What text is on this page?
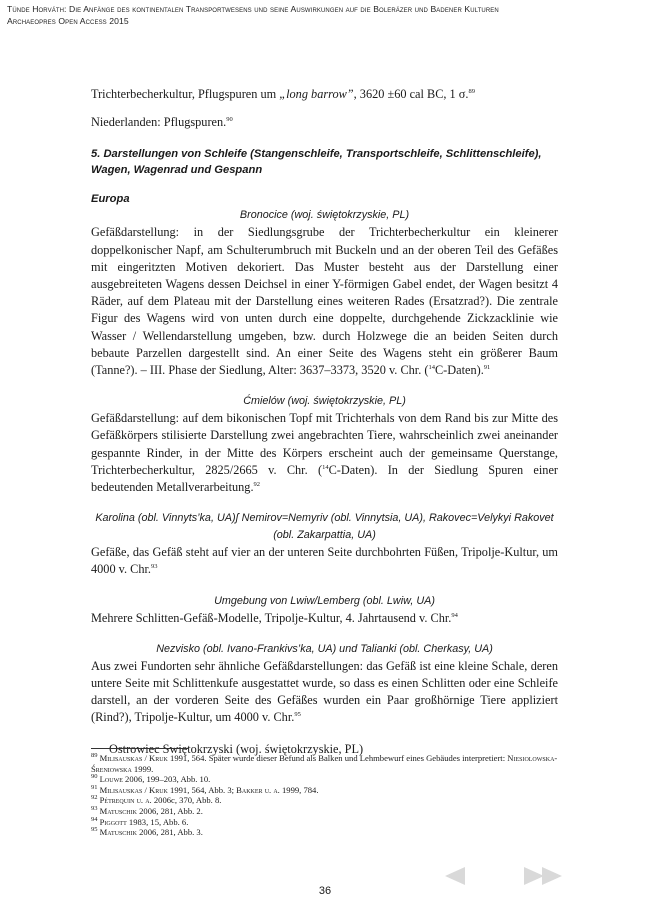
Tünde Horváth: Die Anfänge des kontinentalen Transportwesens und seine Auswirkungen auf die Boleräzer und Badener Kulturen
Archaeopres Open Access 2015

Trichterbecherkultur, Pflugspuren um „long barrow”, 3620 ±60 cal BC, 1 σ.$^{89}$

Niederlanden: Pflugspuren.$^{90}$

5. Darstellungen von Schleife (Stangenschleife, Transportschleife, Schlittenschleife), Wagen, Wagenrad und Gespann

Europa

Bronocice (woj. świętokrzyskie, PL)

Gefäßdarstellung: in der Siedlungsgrube der Trichterbecherkultur ein kleinerer doppelkonischer Napf, am Schulterumbruch mit Buckeln und an der oberen Teil des Gefäßes mit eingeritzten Motiven dekoriert. Das Muster besteht aus der Darstellung einer ausgebreiteten Wagens dessen Deichsel in einer Y-förmigen Gabel endet, der Wagen besitzt 4 Räder, auf dem Plateau mit der Darstellung eines weiteren Rades (Ersatzrad?). Die zentrale Figur des Wagens wird von unten durch eine doppelte, durchgehende Zickzacklinie wie Wasser / Wellendarstellung umgeben, bzw. durch Holzwege die an beiden Seiten durch bebaute Parzellen dargestellt sind. An einer Seite des Wagens steht ein größerer Baum (Tanne?). – III. Phase der Siedlung, Alter: 3637–3373, 3520 v. Chr. ($^{14}$C-Daten).$^{91}$

Ćmielów (woj. świętokrzyskie, PL)

Gefäßdarstellung: auf dem bikonischen Topf mit Trichterhals von dem Rand bis zur Mitte des Gefäßkörpers stilisierte Darstellung zwei angebrachten Tiere, wahrscheinlich zwei aneinander gespannte Rinder, in der Mitte des Körpers erscheint auch der gemeinsame Querstange, Trichterbecherkultur, 2825/2665 v. Chr. ($^{14}$C-Daten). In der Siedlung Spuren einer bedeutenden Metallverarbeitung.$^{92}$

Karolina (obl. Vinnyts’ka, UA)ʃ Nemirov=Nemyriv (obl. Vinnytsia, UA), Rakovec=Velykyi Rakovet (obl. Zakarpattia, UA)

Gefäße, das Gefäß steht auf vier an der unteren Seite durchbohrten Füßen, Tripolje-Kultur, um 4000 v. Chr.$^{93}$

Umgebung von Lwiw/Lemberg (obl. Lwiw, UA)

Mehrere Schlitten-Gefäß-Modelle, Tripolje-Kultur, 4. Jahrtausend v. Chr.$^{94}$

Nezvisko (obl. Ivano-Frankivs’ka, UA) und Talianki (obl. Cherkasy, UA)

Aus zwei Fundorten sehr ähnliche Gefäßdarstellungen: das Gefäß ist eine kleine Schale, deren untere Seite mit Schlittenkufe ausgestattet wurde, so dass es einen Schlitten oder eine Schleife darstell, an der vorderen Seite des Gefäßes wurden ein Paar großhörnige Tiere appliziert (Rind?), Tripolje-Kultur, um 4000 v. Chr.$^{95}$

Ostrowiec Swiętokrzyski (woj. świętokrzyskie, PL)

$^{89}$ Milisauskas / Kruk 1991, 564. Später wurde dieser Befund als Balken und Lehmbewurf eines Gebäudes interpretiert: Niesiolowska-Śreniowska 1999.

$^{90}$ Louwe 2006, 199–203, Abb. 10.

$^{91}$ Milisauskas / Kruk 1991, 564, Abb. 3; Bakker u. a. 1999, 784.

$^{92}$ Pétrequin u. a. 2006c, 370, Abb. 8.

$^{93}$ Matuschik 2006, 281, Abb. 2.

$^{94}$ Piggott 1983, 15, Abb. 6.

$^{95}$ Matuschik 2006, 281, Abb. 3.

36
